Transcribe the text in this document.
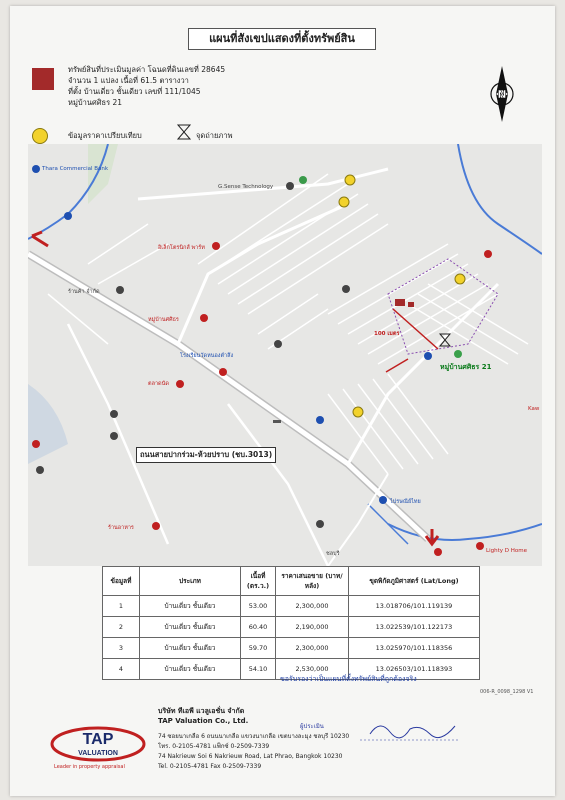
แผนที่สังเขปแสดงที่ตั้งทรัพย์สิน
ทรัพย์สินที่ประเมินมูลค่า โฉนดที่ดินเลขที่ 28645
จำนวน 1 แปลง เนื้อที่ 61.5 ตารางวา
ที่ตั้ง บ้านเดี่ยว ชั้นเดียว เลขที่ 111/1045
หมู่บ้านศศิธร 21
ข้อมูลราคาเปรียบเทียบ	จุดถ่ายภาพ
N
Thara Commercial Bank
G.Sense Technology
อิเล็กโตรนิกส์ พาร์ท
ร้านค้า จำกัด
หมู่บ้านศศิธร
ตลาดนัด
โรงเรียนวัดหนองตำลึง
ร้านอาหาร
ไปรษณีย์ไทย
Lighty D Home
ชลบุรี
Kaw
ถนนสายปากร่วม-ห้วยปราบ (ชบ.3013)
หมู่บ้านศศิธร 21
100 เมตร
ข้อมูลที่	ประเภท	เนื้อที่ (ตร.ว.)	ราคาเสนอขาย (บาท/หลัง)	ขุดพิกัดภูมิศาสตร์ (Lat/Long)
1	บ้านเดี่ยว ชั้นเดียว	53.00	2,300,000	13.018706/101.119139
2	บ้านเดี่ยว ชั้นเดียว	60.40	2,190,000	13.022539/101.122173
3	บ้านเดี่ยว ชั้นเดียว	59.70	2,300,000	13.025970/101.118356
4	บ้านเดี่ยว ชั้นเดียว	54.10	2,530,000	13.026503/101.118393
ขอรับรองว่าเป็นแผนที่ตั้งทรัพย์สินที่ถูกต้องจริง
006-R_0098_1298 V1
TAP
VALUATION
Leader in property appraisal
บริษัท ทีเอพี แวลูเอชั่น จำกัด
TAP Valuation Co., Ltd.
74 ซอยนาเกลือ 6 ถนนนาเกลือ แขวงนาเกลือ เขตบางละมุง ชลบุรี 10230
โทร. 0-2105-4781 แฟ็กซ์ 0-2509-7339
74 Nakrieuw Soi 6 Nakrieuw Road, Lat Phrao, Bangkok 10230
Tel. 0-2105-4781 Fax 0-2509-7339
ผู้ประเมิน
